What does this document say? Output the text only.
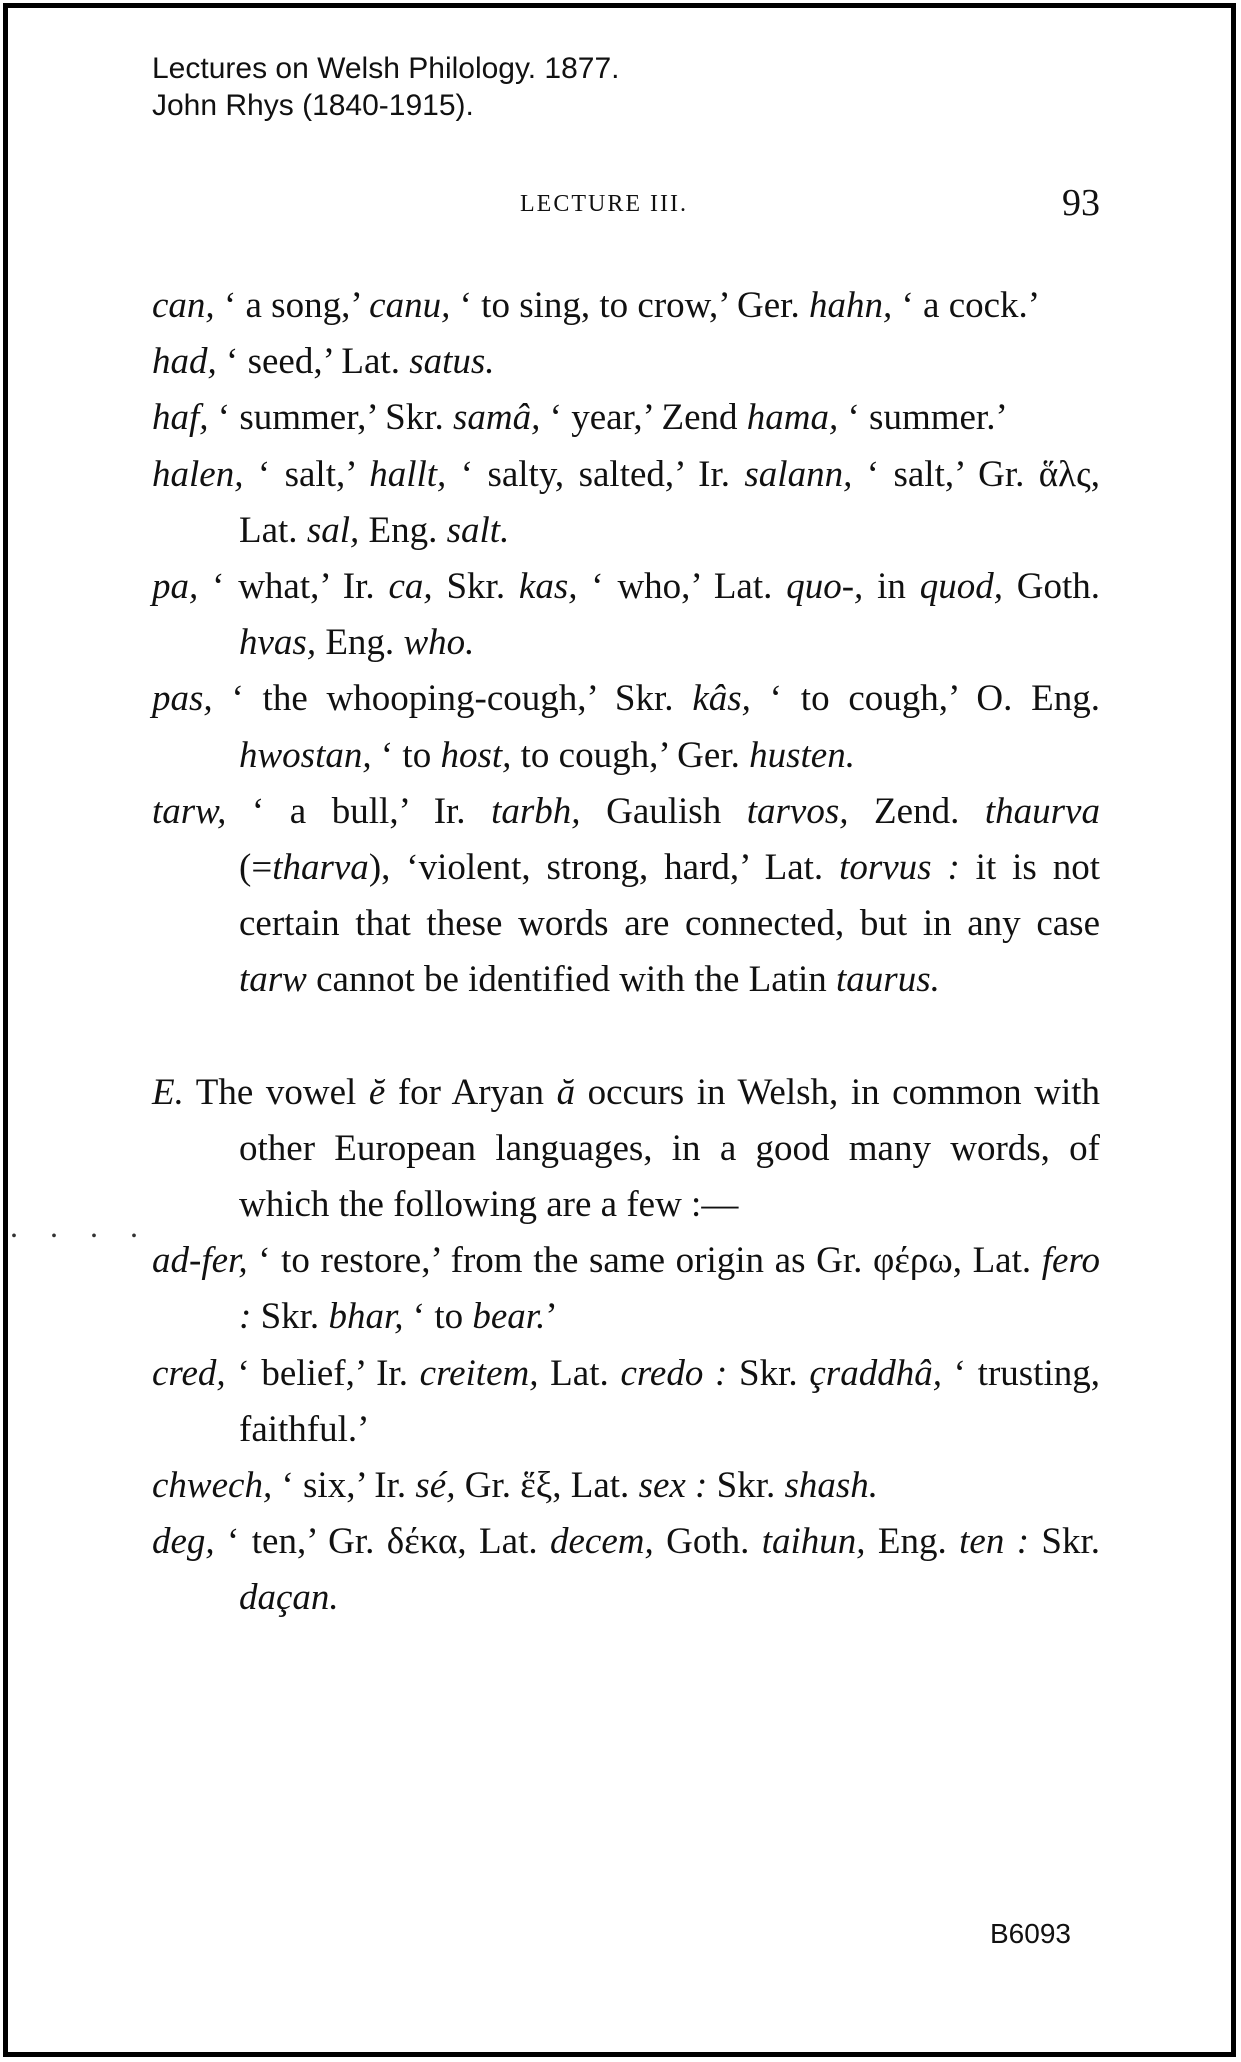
Lectures on Welsh Philology. 1877.
John Rhys (1840-1915).
LECTURE III.	93
can, ‘ a song,’ canu, ‘ to sing, to crow,’ Ger. hahn, ‘ a cock.’
had, ‘ seed,’ Lat. satus.
haf, ‘ summer,’ Skr. samâ, ‘ year,’ Zend hama, ‘ summer.’
halen, ‘ salt,’ hallt, ‘ salty, salted,’ Ir. salann, ‘ salt,’ Gr. ἅλς, Lat. sal, Eng. salt.
pa, ‘ what,’ Ir. ca, Skr. kas, ‘ who,’ Lat. quo-, in quod, Goth. hvas, Eng. who.
pas, ‘ the whooping-cough,’ Skr. kâs, ‘ to cough,’ O. Eng. hwostan, ‘ to host, to cough,’ Ger. husten.
tarw, ‘ a bull,’ Ir. tarbh, Gaulish tarvos, Zend. thaurva (=tharva), ‘violent, strong, hard,’ Lat. torvus : it is not certain that these words are connected, but in any case tarw cannot be identified with the Latin taurus.
E. The vowel ĕ for Aryan ă occurs in Welsh, in common with other European languages, in a good many words, of which the following are a few :—
ad-fer, ‘ to restore,’ from the same origin as Gr. φέρω, Lat. fero : Skr. bhar, ‘ to bear.’
cred, ‘ belief,’ Ir. creitem, Lat. credo : Skr. çraddhâ, ‘ trusting, faithful.’
chwech, ‘ six,’ Ir. sé, Gr. ἕξ, Lat. sex : Skr. shash.
deg, ‘ ten,’ Gr. δέκα, Lat. decem, Goth. taihun, Eng. ten : Skr. daçan.
. . . .
B6093
